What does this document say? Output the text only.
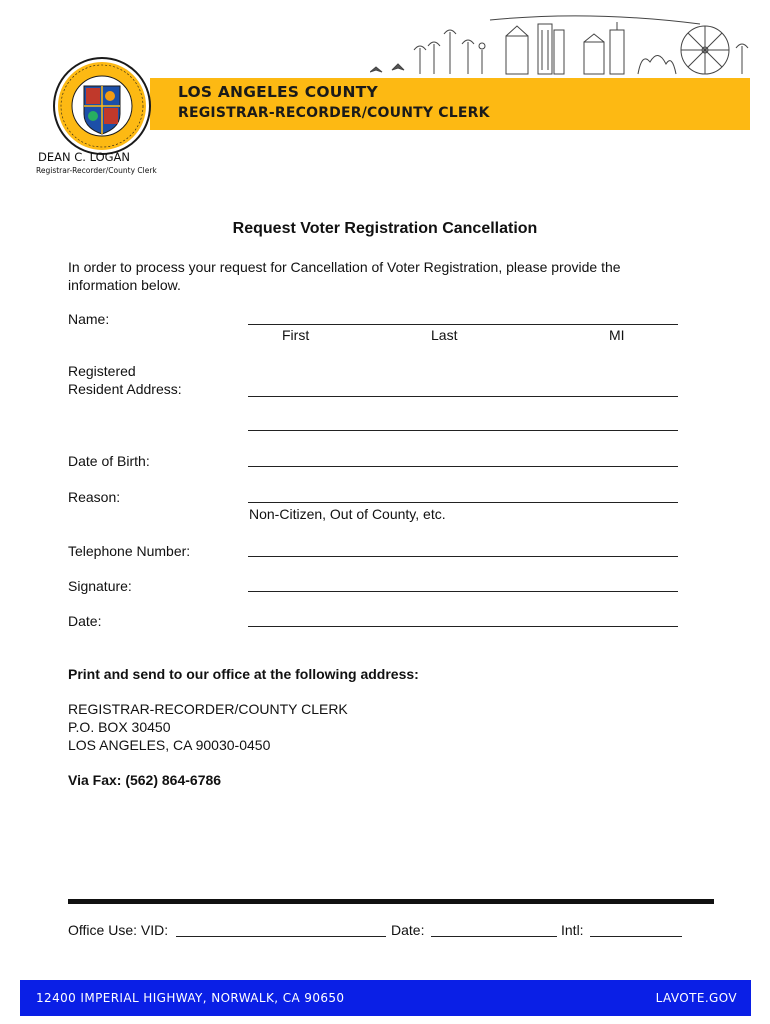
LOS ANGELES COUNTY
REGISTRAR-RECORDER/COUNTY CLERK
DEAN C. LOGAN
Registrar-Recorder/County Clerk
Request Voter Registration Cancellation
In order to process your request for Cancellation of Voter Registration, please provide the information below.
Name:
First	Last	MI
Registered
Resident Address:
Date of Birth:
Reason:
Non-Citizen, Out of County, etc.
Telephone Number:
Signature:
Date:
Print and send to our office at the following address:
REGISTRAR-RECORDER/COUNTY CLERK
P.O. BOX 30450
LOS ANGELES, CA 90030-0450
Via Fax: (562) 864-6786
Office Use: VID:	Date:	Intl:
12400 IMPERIAL HIGHWAY, NORWALK, CA 90650	LAVOTE.GOV
